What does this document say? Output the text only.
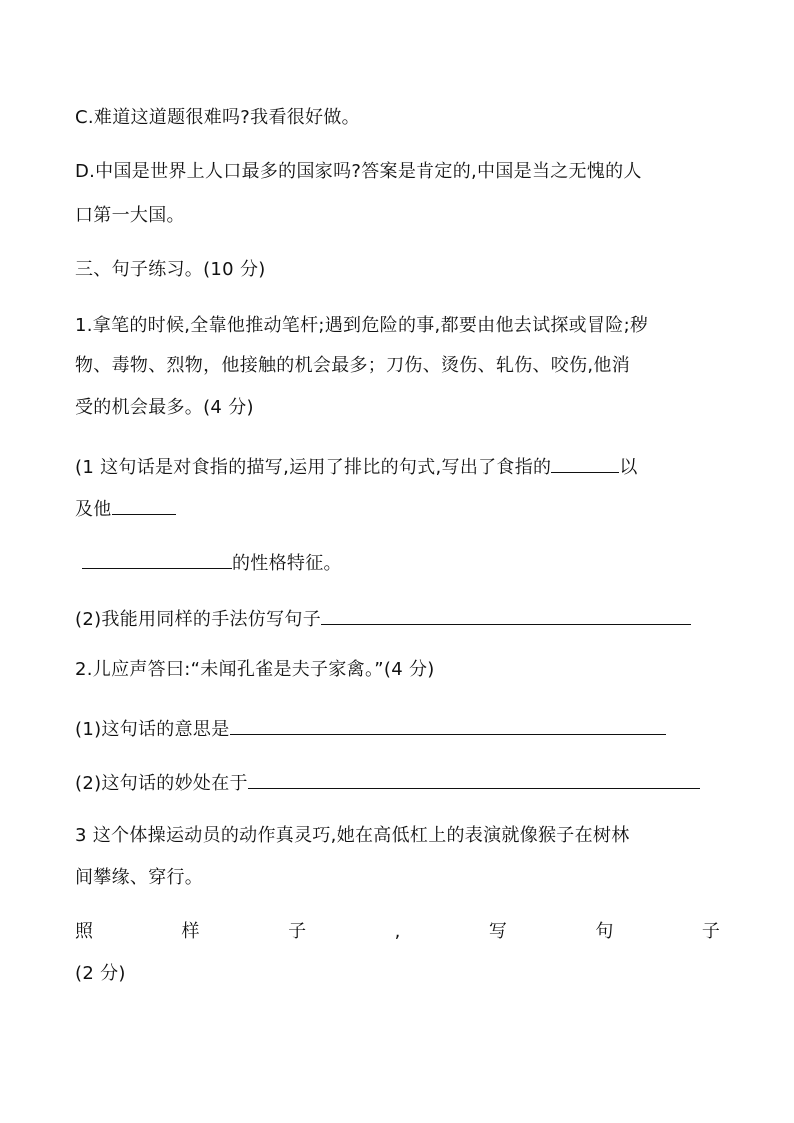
C.难道这道题很难吗?我看很好做。
D.中国是世界上人口最多的国家吗?答案是肯定的,中国是当之无愧的人
口第一大国。
三、句子练习。(10 分)
1.拿笔的时候,全靠他推动笔杆;遇到危险的事,都要由他去试探或冒险;秽
物、毒物、烈物，他接触的机会最多；刀伤、烫伤、轧伤、咬伤,他消
受的机会最多。(4 分)
(1 这句话是对食指的描写,运用了排比的句式,写出了食指的	以
及他
的性格特征。
(2)我能用同样的手法仿写句子
2.儿应声答曰:“未闻孔雀是夫子家禽。”(4 分)
(1)这句话的意思是
(2)这句话的妙处在于
3 这个体操运动员的动作真灵巧,她在高低杠上的表演就像猴子在树林
间攀缘、穿行。
照	样	子	,	写	句	子
(2 分)
